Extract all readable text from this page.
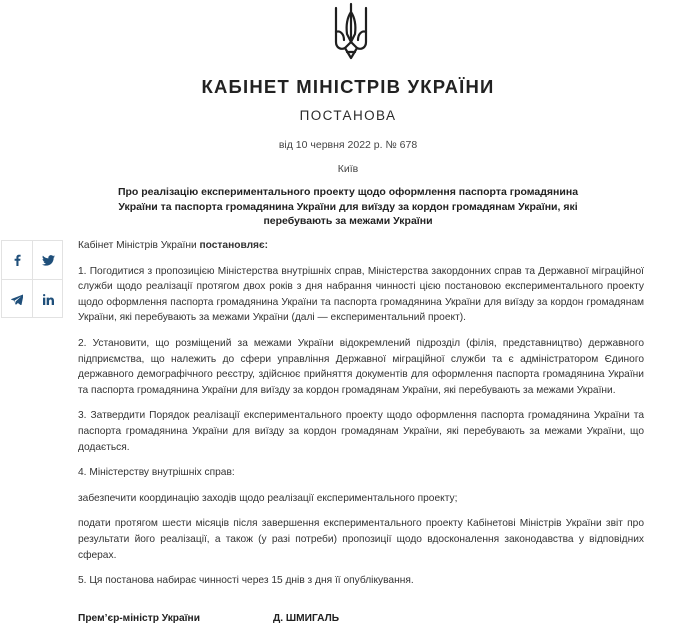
КАБІНЕТ МІНІСТРІВ УКРАЇНИ
ПОСТАНОВА
від 10 червня 2022 р. № 678
Київ
Про реалізацію експериментального проекту щодо оформлення паспорта громадянина України та паспорта громадянина України для виїзду за кордон громадянам України, які перебувають за межами України

Кабінет Міністрів України постановляє:

1. Погодитися з пропозицією Міністерства внутрішніх справ, Міністерства закордонних справ та Державної міграційної служби щодо реалізації протягом двох років з дня набрання чинності цією постановою експериментального проекту щодо оформлення паспорта громадянина України та паспорта громадянина України для виїзду за кордон громадянам України, які перебувають за межами України (далі — експериментальний проект).

2. Установити, що розміщений за межами України відокремлений підрозділ (філія, представництво) державного підприємства, що належить до сфери управління Державної міграційної служби та є адміністратором Єдиного державного демографічного реєстру, здійснює прийняття документів для оформлення паспорта громадянина України та паспорта громадянина України для виїзду за кордон громадянам України, які перебувають за межами України.

3. Затвердити Порядок реалізації експериментального проекту щодо оформлення паспорта громадянина України та паспорта громадянина України для виїзду за кордон громадянам України, які перебувають за межами України, що додається.

4. Міністерству внутрішніх справ:

забезпечити координацію заходів щодо реалізації експериментального проекту;

подати протягом шести місяців після завершення експериментального проекту Кабінетові Міністрів України звіт про результати його реалізації, а також (у разі потреби) пропозиції щодо вдосконалення законодавства у відповідних сферах.

5. Ця постанова набирає чинності через 15 днів з дня її опублікування.

Прем’єр-міністр України	Д. ШМИГАЛЬ
